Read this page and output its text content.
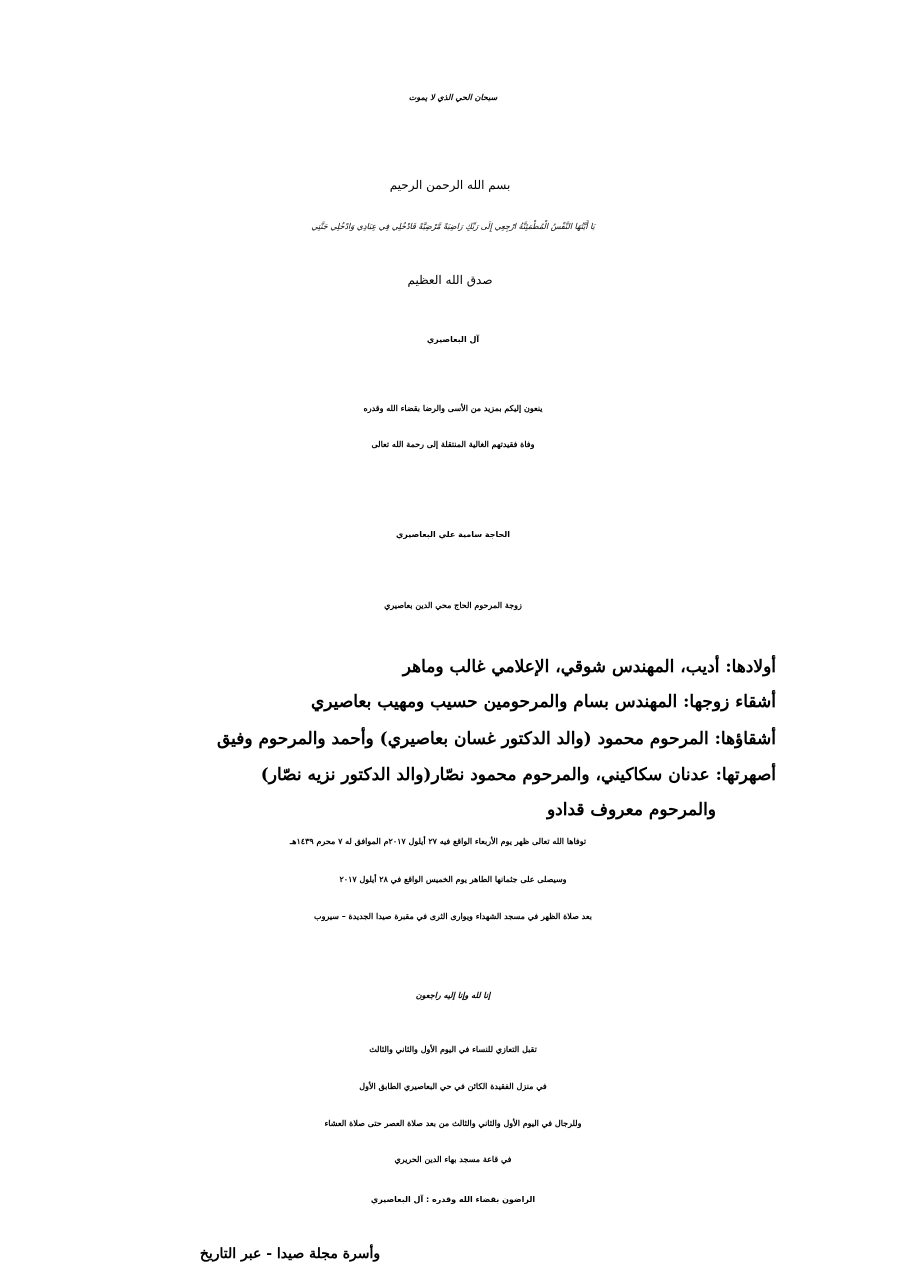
سبحان الحي الذي لا يموت
بسم الله الرحمن الرحيم
يَا أَيَّتُهَا النَّفْسُ الْمُطْمَئِنَّةُ ارْجِعِي إِلَى رَبِّكِ رَاضِيَةً مَّرْضِيَّةً فَادْخُلِي فِي عِبَادِي وَادْخُلِي جَنَّتِي
صدق الله العظيم
آل البعاصيري
ينعون إليكم بمزيد من الأسى والرضا بقضاء الله وقدره
وفاة فقيدتهم الغالية المنتقلة إلى رحمة الله تعالى
الحاجة سامية علي البعاصيري
زوجة المرحوم الحاج محي الدين بعاصيري
أولادها: أديب، المهندس شوقي، الإعلامي غالب وماهر
أشقاء زوجها: المهندس بسام والمرحومين حسيب ومهيب بعاصيري
أشقاؤها: المرحوم محمود (والد الدكتور غسان بعاصيري) وأحمد والمرحوم وفيق
أصهرتها: عدنان سكاكيني، والمرحوم محمود نصّار(والد الدكتور نزيه نصّار)
والمرحوم معروف قدادو
توفاها الله تعالى ظهر يوم الأربعاء الواقع فيه ٢٧ أيلول ٢٠١٧م الموافق له ٧ محرم ١٤٣٩هـ
وسيصلى على جثمانها الطاهر يوم الخميس الواقع في ٢٨ أيلول ٢٠١٧
بعد صلاة الظهر في مسجد الشهداء ويوارى الثرى في مقبرة صيدا الجديدة – سيروب
إنا لله وإنا إليه راجعون
تقبل التعازي للنساء في اليوم الأول والثاني والثالث
في منزل الفقيدة الكائن في حي البعاصيري الطابق الأول
وللرجال في اليوم الأول والثاني والثالث من بعد صلاة العصر حتى صلاة العشاء
في قاعة مسجد بهاء الدين الحريري
الراضون بقضاء الله وقدره : آل البعاصيري
وأسرة مجلة صيدا - عبر التاريخ
